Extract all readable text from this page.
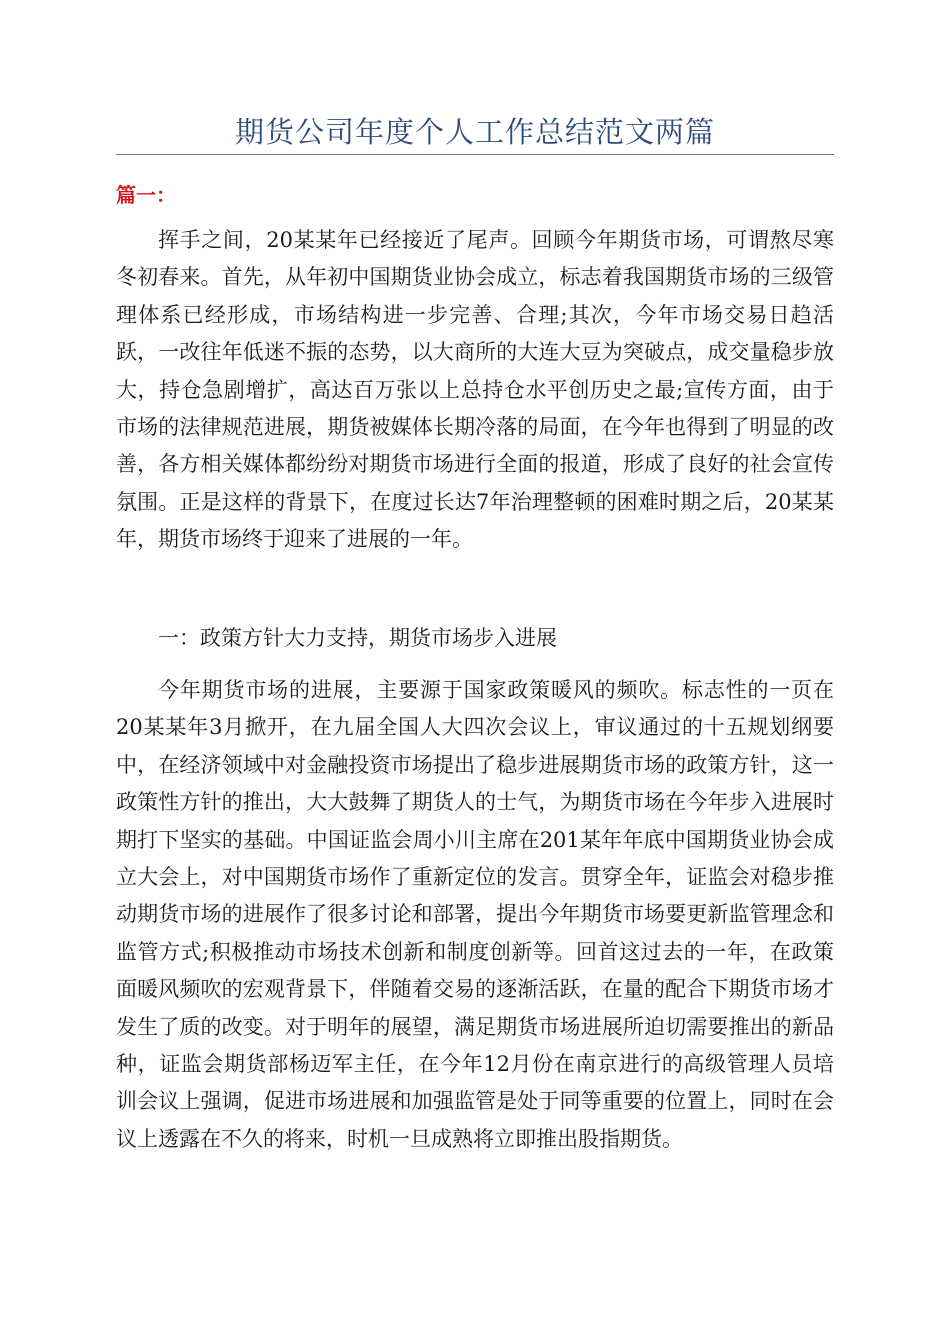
期货公司年度个人工作总结范文两篇
篇一：

挥手之间，20某某年已经接近了尾声。回顾今年期货市场，可谓熬尽寒冬初春来。首先，从年初中国期货业协会成立，标志着我国期货市场的三级管理体系已经形成，市场结构进一步完善、合理;其次，今年市场交易日趋活跃，一改往年低迷不振的态势，以大商所的大连大豆为突破点，成交量稳步放大，持仓急剧增扩，高达百万张以上总持仓水平创历史之最;宣传方面，由于市场的法律规范进展，期货被媒体长期冷落的局面，在今年也得到了明显的改善，各方相关媒体都纷纷对期货市场进行全面的报道，形成了良好的社会宣传氛围。正是这样的背景下，在度过长达7年治理整顿的困难时期之后，20某某年，期货市场终于迎来了进展的一年。

一：政策方针大力支持，期货市场步入进展

今年期货市场的进展，主要源于国家政策暖风的频吹。标志性的一页在20某某年3月掀开，在九届全国人大四次会议上，审议通过的十五规划纲要中，在经济领域中对金融投资市场提出了稳步进展期货市场的政策方针，这一政策性方针的推出，大大鼓舞了期货人的士气，为期货市场在今年步入进展时期打下坚实的基础。中国证监会周小川主席在201某年年底中国期货业协会成立大会上，对中国期货市场作了重新定位的发言。贯穿全年，证监会对稳步推动期货市场的进展作了很多讨论和部署，提出今年期货市场要更新监管理念和监管方式;积极推动市场技术创新和制度创新等。回首这过去的一年，在政策面暖风频吹的宏观背景下，伴随着交易的逐渐活跃，在量的配合下期货市场才发生了质的改变。对于明年的展望，满足期货市场进展所迫切需要推出的新品种，证监会期货部杨迈军主任，在今年12月份在南京进行的高级管理人员培训会议上强调，促进市场进展和加强监管是处于同等重要的位置上，同时在会议上透露在不久的将来，时机一旦成熟将立即推出股指期货。
